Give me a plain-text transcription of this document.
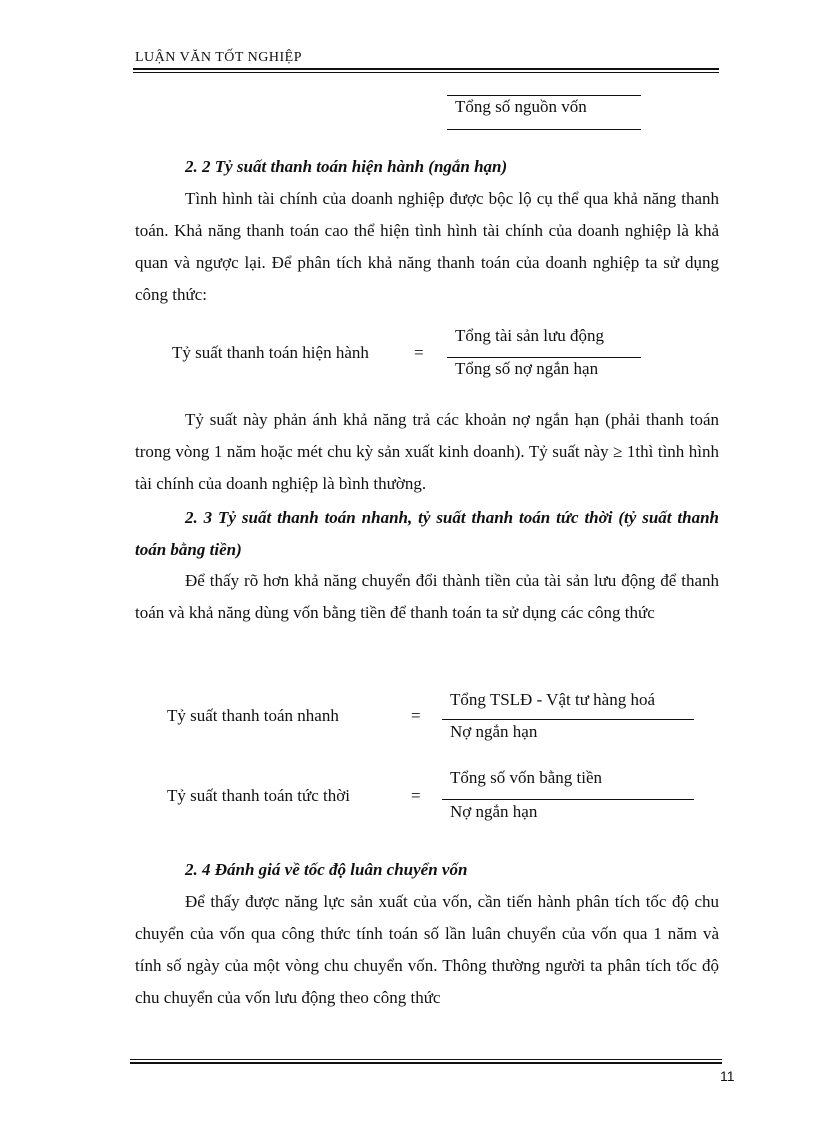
LUẬN VĂN TỐT NGHIỆP
Tổng số nguồn vốn
2. 2 Tỷ suất thanh toán hiện hành (ngắn hạn)
Tình hình tài chính của doanh nghiệp được bộc lộ cụ thể qua khả năng thanh toán. Khả năng thanh toán cao thể hiện tình hình tài chính của doanh nghiệp là khả quan và ngược lại. Để phân tích khả năng thanh toán của doanh nghiệp ta sử dụng công thức:
Tỷ suất thanh toán hiện hành	=
Tổng tài sản lưu động
Tổng số nợ ngắn hạn
Tỷ suất này phản ánh khả năng trả các khoản nợ ngắn hạn (phải thanh toán trong vòng 1 năm hoặc mét chu kỳ sản xuất kinh doanh). Tỷ suất này ≥ 1thì tình hình tài chính của doanh nghiệp là bình thường.
2. 3 Tỷ suất thanh toán nhanh, tỷ suất thanh toán tức thời (tỷ suất thanh toán bằng tiền)
Để thấy rõ hơn khả năng chuyển đổi thành tiền của tài sản lưu động để thanh toán và khả năng dùng vốn bằng tiền để thanh toán ta sử dụng các công thức
Tỷ suất thanh toán nhanh	=
Tổng TSLĐ - Vật tư hàng hoá
Nợ ngắn hạn
Tỷ suất thanh toán tức thời	=
Tổng số vốn bằng tiền
Nợ ngắn hạn
2. 4 Đánh giá về tốc độ luân chuyển vốn
Để thấy được năng lực sản xuất của vốn, cần tiến hành phân tích tốc độ chu chuyển của vốn qua công thức tính toán số lần luân chuyển của vốn qua 1 năm và tính số ngày của một vòng chu chuyển vốn. Thông thường người ta phân tích tốc độ chu chuyển của vốn lưu động theo công thức
11
